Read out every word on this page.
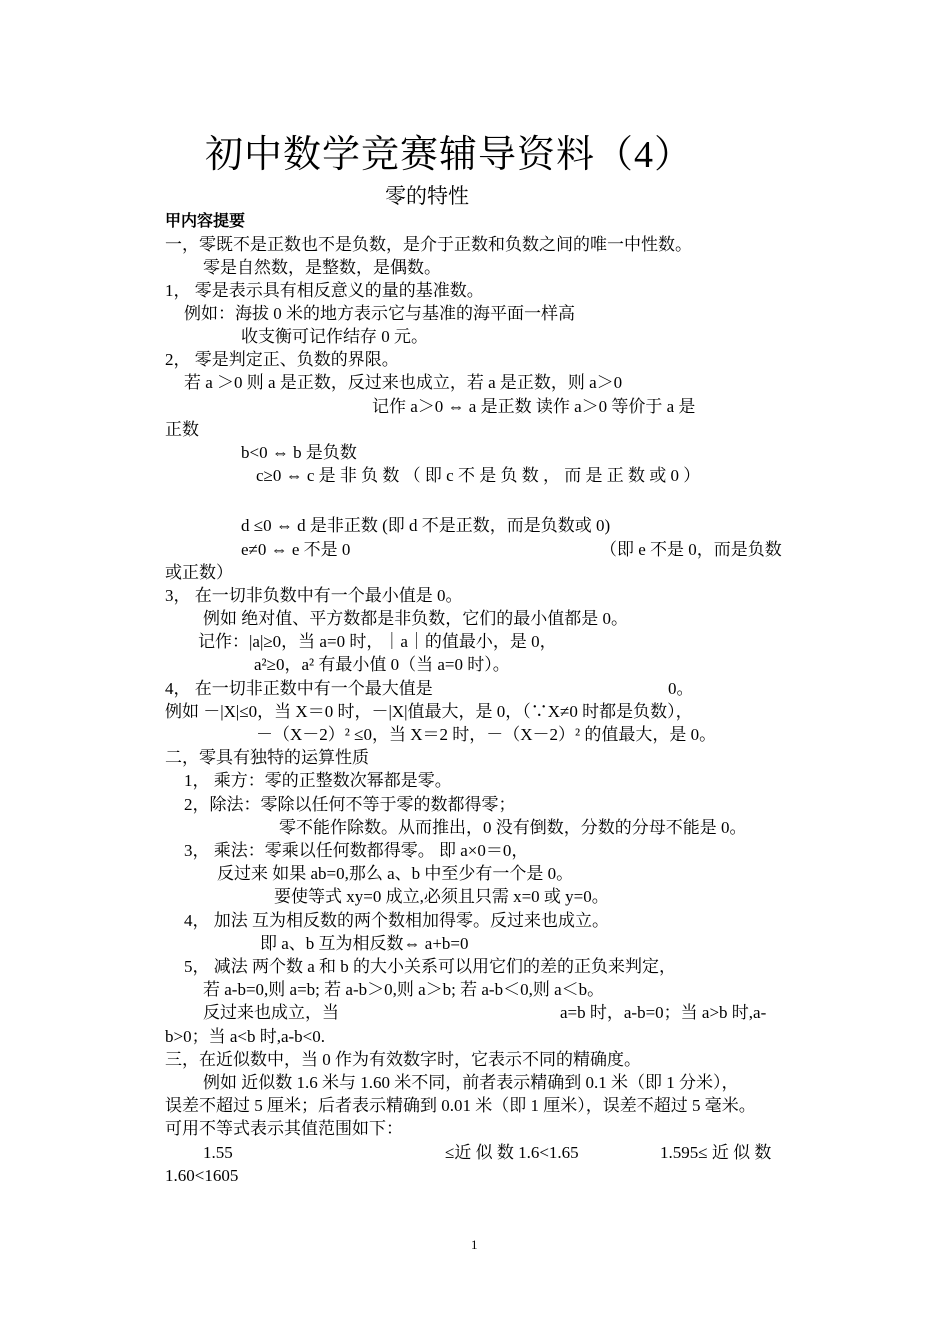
初中数学竞赛辅导资料（4）
零的特性
甲内容提要
一，零既不是正数也不是负数，是介于正数和负数之间的唯一中性数。
零是自然数，是整数，是偶数。
1， 零是表示具有相反意义的量的基准数。
例如：海拔 0 米的地方表示它与基准的海平面一样高
收支衡可记作结存 0 元。
2， 零是判定正、负数的界限。
若 a ＞0 则 a 是正数，反过来也成立，若 a 是正数，则 a＞0
记作 a＞0 ⇔ a 是正数 读作 a＞0 等价于 a 是
正数
b<0 ⇔ b 是负数
c≥0 ⇔ c 是 非 负 数 （ 即 c 不 是 负 数 ， 而 是 正 数 或 0 ）
d ≤0 ⇔ d 是非正数 (即 d 不是正数，而是负数或 0)
e≠0 ⇔ e 不是 0	（即 e 不是 0，而是负数
或正数）
3， 在一切非负数中有一个最小值是 0。
例如 绝对值、平方数都是非负数，它们的最小值都是 0。
记作：|a|≥0，当 a=0 时，｜a｜的值最小，是 0，
a²≥0，a² 有最小值 0（当 a=0 时）。
4， 在一切非正数中有一个最大值是	0。
例如 －|X|≤0，当 X＝0 时，－|X|值最大，是 0，（∵X≠0 时都是负数），
－（X－2）² ≤0，当 X＝2 时，－（X－2）² 的值最大，是 0。
二，零具有独特的运算性质
1， 乘方：零的正整数次幂都是零。
2，除法：零除以任何不等于零的数都得零；
零不能作除数。从而推出，0 没有倒数，分数的分母不能是 0。
3， 乘法：零乘以任何数都得零。 即 a×0＝0，
反过来 如果 ab=0,那么 a、b 中至少有一个是 0。
要使等式 xy=0 成立,必须且只需 x=0 或 y=0。
4， 加法 互为相反数的两个数相加得零。反过来也成立。
即 a、b 互为相反数⇔ a+b=0
5， 减法 两个数 a 和 b 的大小关系可以用它们的差的正负来判定，
若 a-b=0,则 a=b; 若 a-b＞0,则 a＞b; 若 a-b＜0,则 a＜b。
反过来也成立，当	a=b 时，a-b=0；当 a>b 时,a-
b>0；当 a<b 时,a-b<0.
三，在近似数中，当 0 作为有效数字时，它表示不同的精确度。
例如 近似数 1.6 米与 1.60 米不同，前者表示精确到 0.1 米（即 1 分米），
误差不超过 5 厘米；后者表示精确到 0.01 米（即 1 厘米），误差不超过 5 毫米。
可用不等式表示其值范围如下：
1.55	≤近 似 数 1.6<1.65	1.595≤ 近 似 数
1.60<1605
1
